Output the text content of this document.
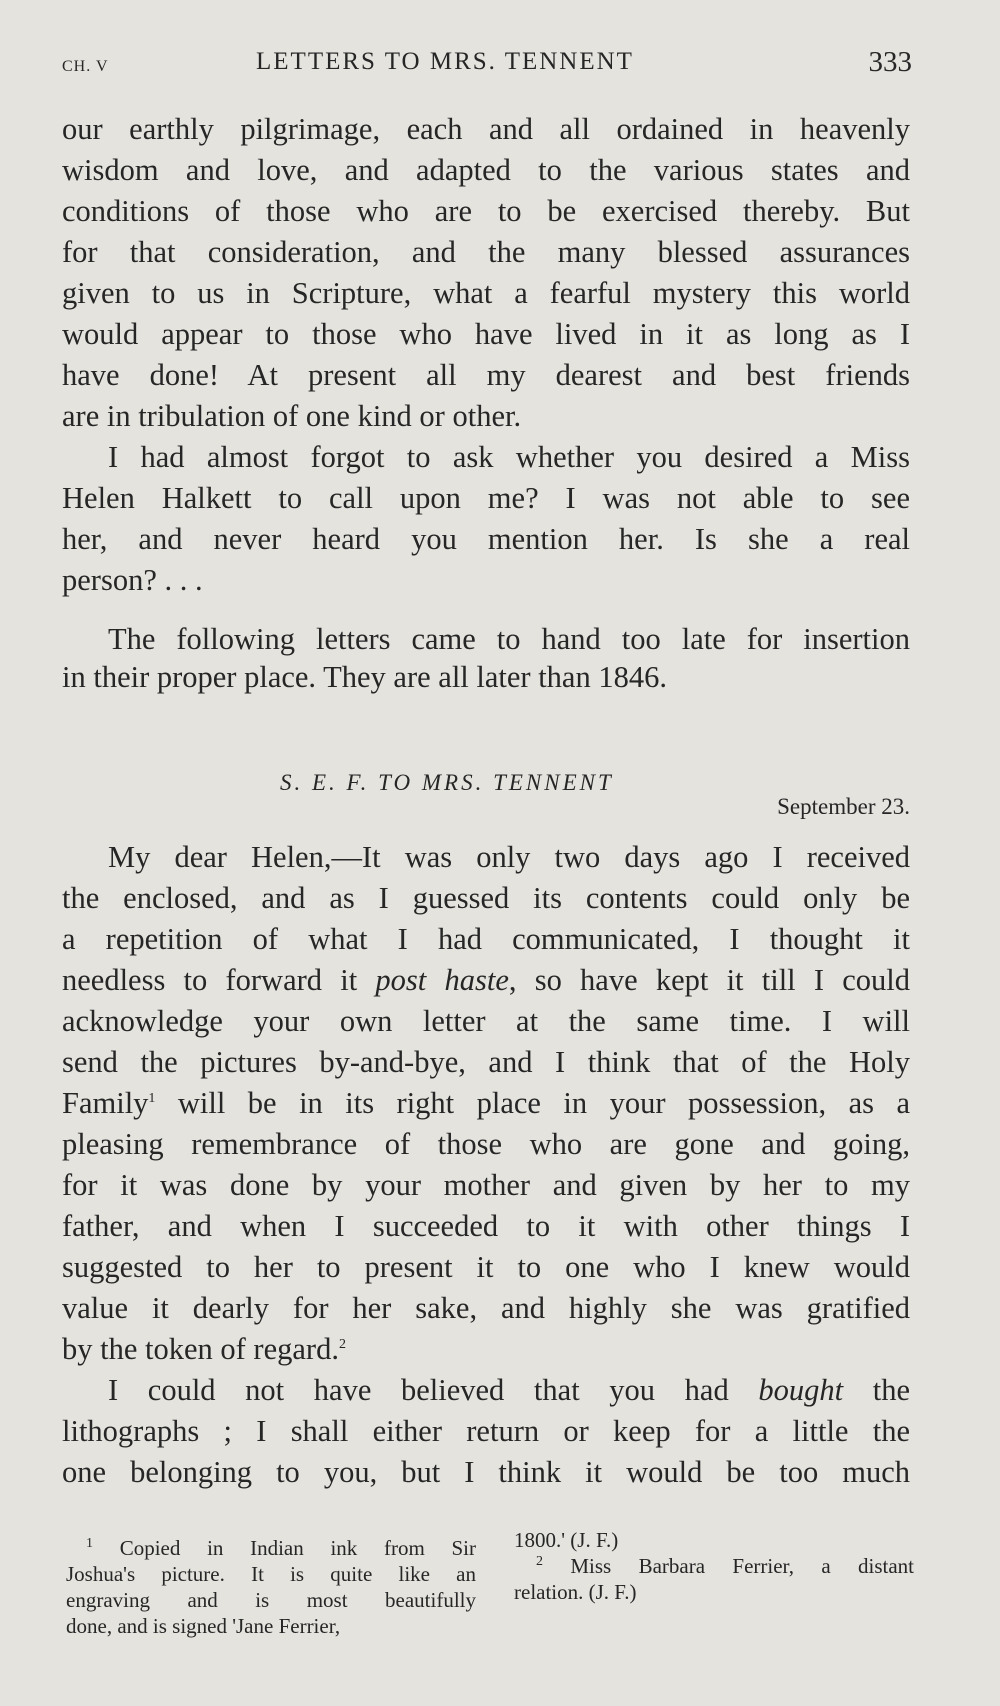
CH. V	LETTERS TO MRS. TENNENT	333
our earthly pilgrimage, each and all ordained in heavenly
wisdom and love, and adapted to the various states and
conditions of those who are to be exercised thereby. But
for that consideration, and the many blessed assurances
given to us in Scripture, what a fearful mystery this world
would appear to those who have lived in it as long as I
have done! At present all my dearest and best friends
are in tribulation of one kind or other.
I had almost forgot to ask whether you desired a Miss
Helen Halkett to call upon me? I was not able to see
her, and never heard you mention her. Is she a real
person? . . .
The following letters came to hand too late for insertion
in their proper place. They are all later than 1846.
S. E. F. TO MRS. TENNENT
September 23.
My dear Helen,—It was only two days ago I received
the enclosed, and as I guessed its contents could only be
a repetition of what I had communicated, I thought it
needless to forward it post haste, so have kept it till I could
acknowledge your own letter at the same time. I will
send the pictures by-and-bye, and I think that of the Holy
Family$^1$ will be in its right place in your possession, as a
pleasing remembrance of those who are gone and going,
for it was done by your mother and given by her to my
father, and when I succeeded to it with other things I
suggested to her to present it to one who I knew would
value it dearly for her sake, and highly she was gratified
by the token of regard.$^2$
I could not have believed that you had bought the
lithographs ; I shall either return or keep for a little the
one belonging to you, but I think it would be too much
$^1$ Copied in Indian ink from Sir
Joshua's picture. It is quite like an
engraving and is most beautifully
done, and is signed 'Jane Ferrier,
1800.' (J. F.)
$^2$ Miss Barbara Ferrier, a distant
relation. (J. F.)
